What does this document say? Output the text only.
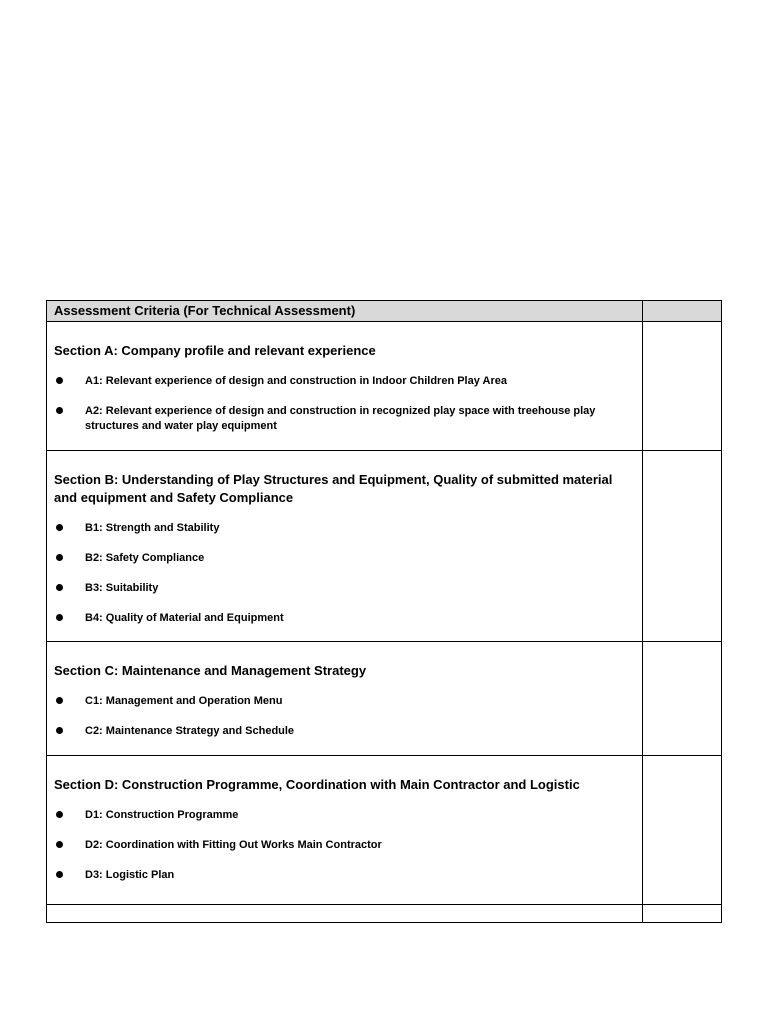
Assessment Criteria (For Technical Assessment)	

Section A: Company profile and relevant experience
A1: Relevant experience of design and construction in Indoor Children Play Area
A2: Relevant experience of design and construction in recognized play space with treehouse play structures and water play equipment	

Section B: Understanding of Play Structures and Equipment, Quality of submitted material and equipment and Safety Compliance
B1: Strength and Stability
B2: Safety Compliance
B3: Suitability
B4: Quality of Material and Equipment	

Section C: Maintenance and Management Strategy
C1: Management and Operation Menu
C2: Maintenance Strategy and Schedule	

Section D: Construction Programme, Coordination with Main Contractor and Logistic
D1: Construction Programme
D2: Coordination with Fitting Out Works Main Contractor
D3: Logistic Plan	
